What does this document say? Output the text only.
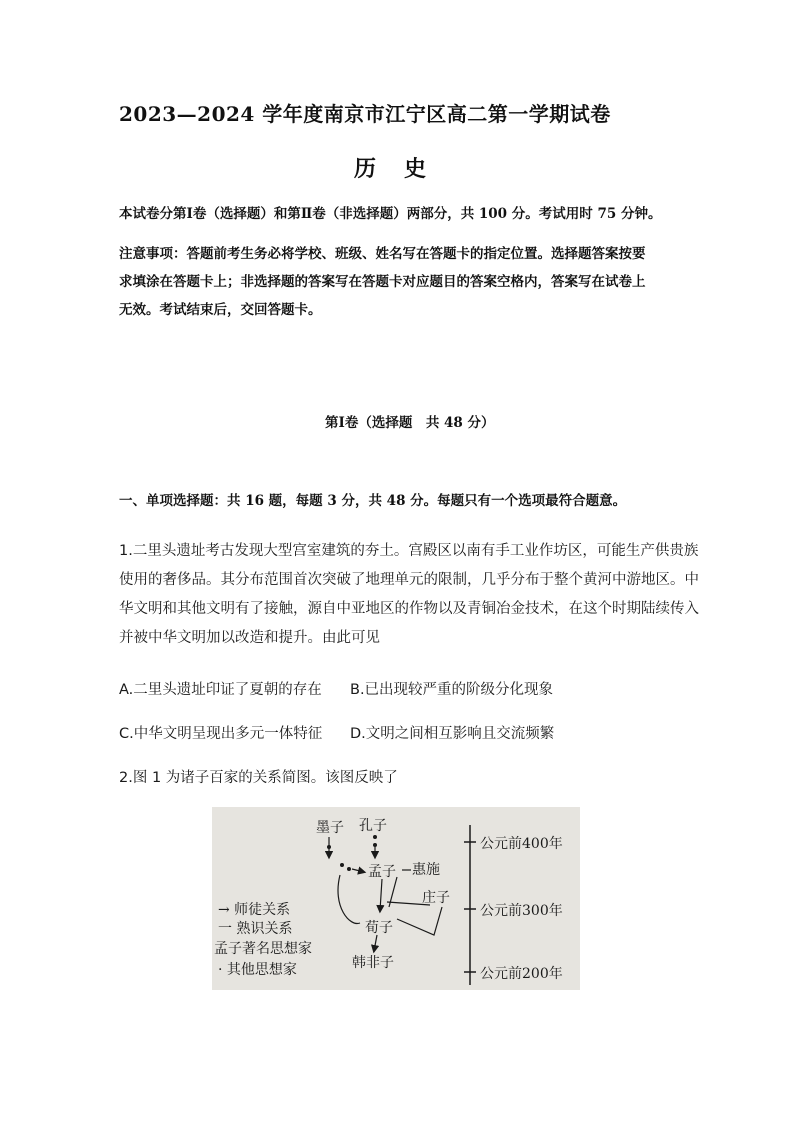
2023—2024 学年度南京市江宁区高二第一学期试卷
历史
本试卷分第Ⅰ卷（选择题）和第Ⅱ卷（非选择题）两部分，共 100 分。考试用时 75 分钟。
注意事项：答题前考生务必将学校、班级、姓名写在答题卡的指定位置。选择题答案按要
求填涂在答题卡上；非选择题的答案写在答题卡对应题目的答案空格内，答案写在试卷上
无效。考试结束后，交回答题卡。
第Ⅰ卷（选择题　共 48 分）
一、单项选择题：共 16 题，每题 3 分，共 48 分。每题只有一个选项最符合题意。
1.二里头遗址考古发现大型宫室建筑的夯土。宫殿区以南有手工业作坊区，可能生产供贵族
使用的奢侈品。其分布范围首次突破了地理单元的限制，几乎分布于整个黄河中游地区。中
华文明和其他文明有了接触，源自中亚地区的作物以及青铜冶金技术，在这个时期陆续传入
并被中华文明加以改造和提升。由此可见
A.二里头遗址印证了夏朝的存在 B.已出现较严重的阶级分化现象
C.中华文明呈现出多元一体特征 D.文明之间相互影响且交流频繁
2.图 1 为诸子百家的关系简图。该图反映了
公元前400年
公元前300年
公元前200年
墨子 孔子
孟子 惠施
庄子
荀子
韩非子
→ 师徒关系
一 熟识关系
孟子著名思想家
· 其他思想家
